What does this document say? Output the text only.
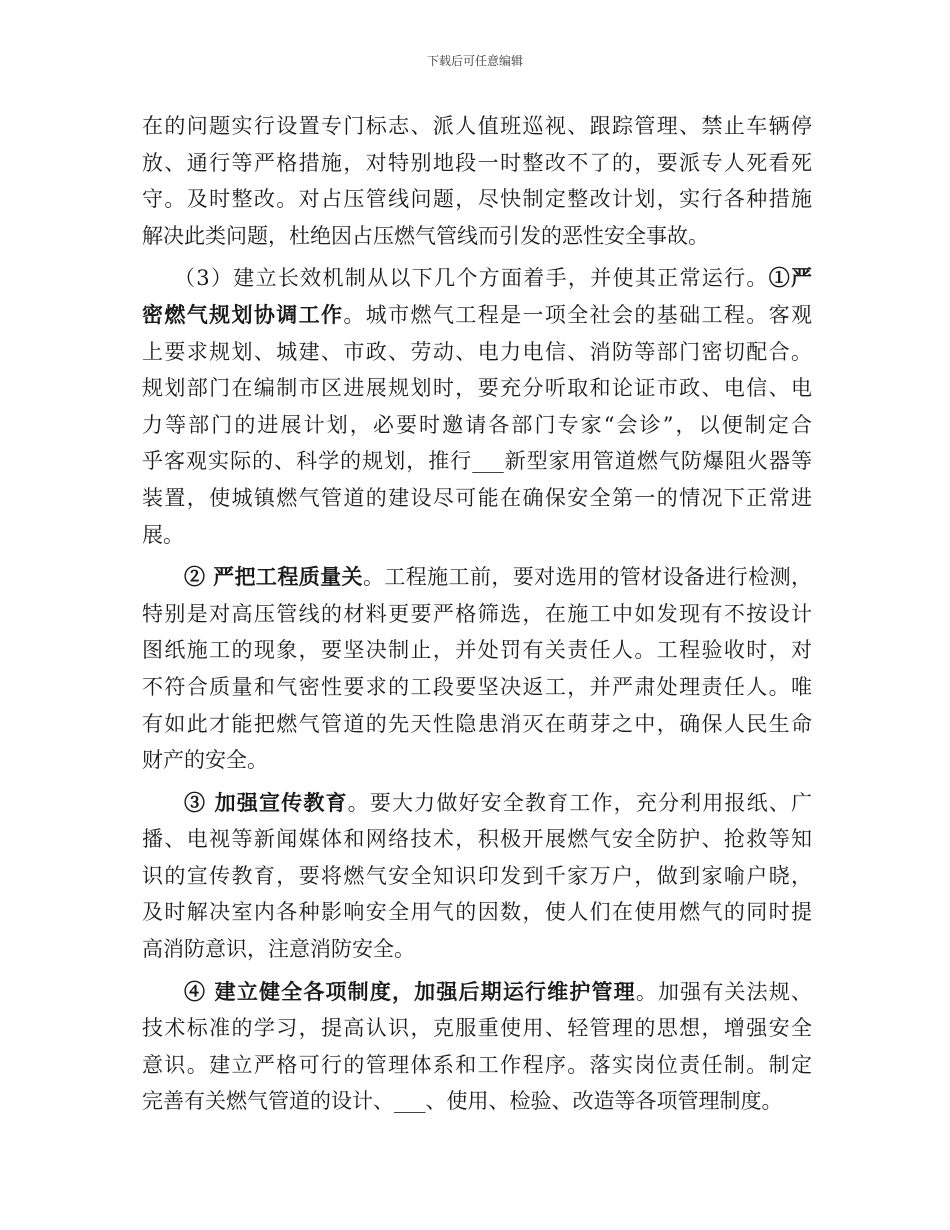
下载后可任意编辑
在的问题实行设置专门标志、派人值班巡视、跟踪管理、禁止车辆停
放、通行等严格措施，对特别地段一时整改不了的，要派专人死看死
守。及时整改。对占压管线问题，尽快制定整改计划，实行各种措施
解决此类问题，杜绝因占压燃气管线而引发的恶性安全事故。
（3）建立长效机制从以下几个方面着手，并使其正常运行。①严
密燃气规划协调工作。城市燃气工程是一项全社会的基础工程。客观
上要求规划、城建、市政、劳动、电力电信、消防等部门密切配合。
规划部门在编制市区进展规划时，要充分听取和论证市政、电信、电
力等部门的进展计划，必要时邀请各部门专家“会诊”，以便制定合
乎客观实际的、科学的规划，推行___新型家用管道燃气防爆阻火器等
装置，使城镇燃气管道的建设尽可能在确保安全第一的情况下正常进
展。
② 严把工程质量关。工程施工前，要对选用的管材设备进行检测，
特别是对高压管线的材料更要严格筛选，在施工中如发现有不按设计
图纸施工的现象，要坚决制止，并处罚有关责任人。工程验收时，对
不符合质量和气密性要求的工段要坚决返工，并严肃处理责任人。唯
有如此才能把燃气管道的先天性隐患消灭在萌芽之中，确保人民生命
财产的安全。
③ 加强宣传教育。要大力做好安全教育工作，充分利用报纸、广
播、电视等新闻媒体和网络技术，积极开展燃气安全防护、抢救等知
识的宣传教育，要将燃气安全知识印发到千家万户，做到家喻户晓，
及时解决室内各种影响安全用气的因数，使人们在使用燃气的同时提
高消防意识，注意消防安全。
④ 建立健全各项制度，加强后期运行维护管理。加强有关法规、
技术标准的学习，提高认识，克服重使用、轻管理的思想，增强安全
意识。建立严格可行的管理体系和工作程序。落实岗位责任制。制定
完善有关燃气管道的设计、___、使用、检验、改造等各项管理制度。
